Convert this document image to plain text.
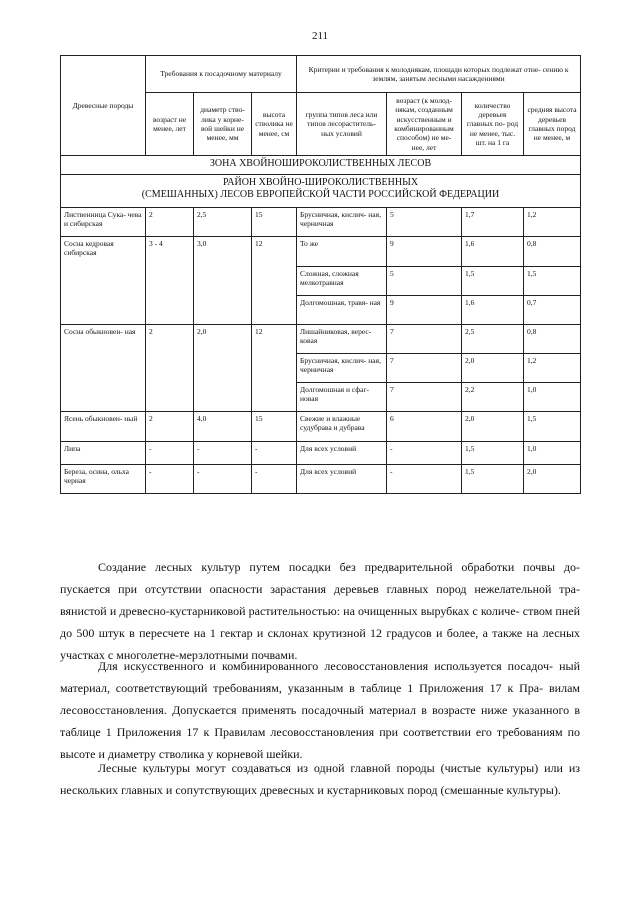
211
Древесные породы	Требования к посадочному материалу			Критерии и требования к молоднякам, площади которых подлежат отне- сению к землям, занятым лесными насаждениями			
	возраст не менее, лет	диаметр ство- лика у корне- вой шейки не менее, мм	высота стволика не менее, см	группа типов леса или типов лесораститель- ных условий	возраст (к молод- някам, созданным искусственным и комбинированным способом) не ме- нее, лет	количество деревьев главных по- род не менее, тыс. шт. на 1 га	средняя высота деревьев главных пород не менее, м
ЗОНА ХВОЙНОШИРОКОЛИСТВЕННЫХ ЛЕСОВ							
РАЙОН ХВОЙНО-ШИРОКОЛИСТВЕННЫХ
(СМЕШАННЫХ) ЛЕСОВ ЕВРОПЕЙСКОЙ ЧАСТИ РОССИЙСКОЙ ФЕДЕРАЦИИ							
Лиственница Сука- чева и сибирская	2	2,5	15	Брусничная, кислич- ная, черничная	5	1,7	1,2
Сосна кедровая сибирская	3 - 4	3,0	12	То же	9	1,6	0,8
				Сложная, сложная мелкотравная	5	1,5	1,5
				Долгомошная, травя- ная	9	1,6	0,7
Сосна обыкновен- ная	2	2,0	12	Лишайниковая, верес- ковая	7	2,5	0,8
				Брусничная, кислич- ная, черничная	7	2,0	1,2
				Долгомошная и сфаг- новая	7	2,2	1,0
Ясень обыкновен- ный	2	4,0	15	Свежие и влажные судубрава и дубрава	6	2,0	1,5
Липа	-	-	-	Для всех условий	-	1,5	1,0
Береза, осина, ольха черная	-	-	-	Для всех условий	-	1,5	2,0

Создание лесных культур путем посадки без предварительной обработки почвы до- пускается при отсутствии опасности зарастания деревьев главных пород нежелательной тра- вянистой и древесно-кустарниковой растительностью: на очищенных вырубках с количе- ством пней до 500 штук в пересчете на 1 гектар и склонах крутизной 12 градусов и более, а также на лесных участках с многолетне-мерзлотными почвами.

Для искусственного и комбинированного лесовосстановления используется посадоч- ный материал, соответствующий требованиям, указанным в таблице 1 Приложения 17 к Пра- вилам лесовосстановления. Допускается применять посадочный материал в возрасте ниже указанного в таблице 1 Приложения 17 к Правилам лесовосстановления при соответствии его требованиям по высоте и диаметру стволика у корневой шейки.

Лесные культуры могут создаваться из одной главной породы (чистые культуры) или из нескольких главных и сопутствующих древесных и кустарниковых пород (смешанные культуры).
